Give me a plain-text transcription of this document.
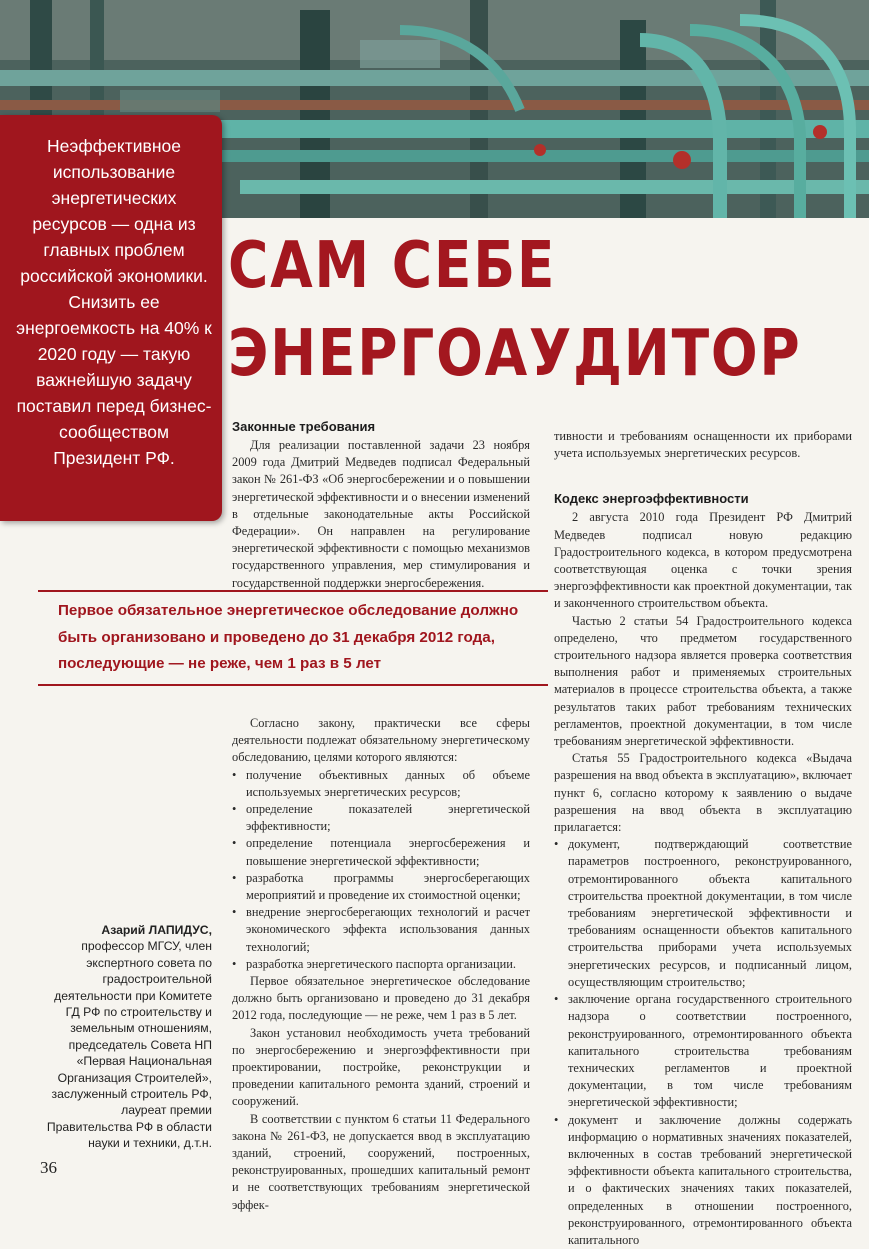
Неэффективное использование энергетических ресурсов — одна из главных проблем российской экономики. Снизить ее энергоемкость на 40% к 2020 году — такую важнейшую задачу поставил перед бизнес-сообществом Президент РФ.

САМ СЕБЕ
ЭНЕРГОАУДИТОР
Законные требования

Для реализации поставленной задачи 23 ноября 2009 года Дмитрий Медведев подписал Федеральный закон № 261-ФЗ «Об энергосбережении и о повышении энергетической эффективности и о внесении изменений в отдельные законодательные акты Российской Федерации». Он направлен на регулирование энергетической эффективности с помощью механизмов государственного управления, мер стимулирования и государственной поддержки энергосбережения.

Первое обязательное энергетическое обследование должно быть организовано и проведено до 31 декабря 2012 года, последующие — не реже, чем 1 раз в 5 лет

Согласно закону, практически все сферы деятельности подлежат обязательному энергетическому обследованию, целями которого являются:

• получение объективных данных об объеме используемых энергетических ресурсов;
• определение показателей энергетической эффективности;
• определение потенциала энергосбережения и повышение энергетической эффективности;
• разработка программы энергосберегающих мероприятий и проведение их стоимостной оценки;
• внедрение энергосберегающих технологий и расчет экономического эффекта использования данных технологий;
• разработка энергетического паспорта организации.

Первое обязательное энергетическое обследование должно быть организовано и проведено до 31 декабря 2012 года, последующие — не реже, чем 1 раз в 5 лет.

Закон установил необходимость учета требований по энергосбережению и энергоэффективности при проектировании, постройке, реконструкции и проведении капитального ремонта зданий, строений и сооружений.

В соответствии с пунктом 6 статьи 11 Федерального закона № 261-ФЗ, не допускается ввод в эксплуатацию зданий, строений, сооружений, построенных, реконструированных, прошедших капитальный ремонт и не соответствующих требованиям энергетической эффек-

тивности и требованиям оснащенности их приборами учета используемых энергетических ресурсов.

Кодекс энергоэффективности

2 августа 2010 года Президент РФ Дмитрий Медведев подписал новую редакцию Градостроительного кодекса, в котором предусмотрена соответствующая оценка с точки зрения энергоэффективности как проектной документации, так и законченного строительством объекта.

Частью 2 статьи 54 Градостроительного кодекса определено, что предметом государственного строительного надзора является проверка соответствия выполнения работ и применяемых строительных материалов в процессе строительства объекта, а также результатов таких работ требованиям технических регламентов, проектной документации, в том числе требованиям энергетической эффективности.

Статья 55 Градостроительного кодекса «Выдача разрешения на ввод объекта в эксплуатацию», включает пункт 6, согласно которому к заявлению о выдаче разрешения на ввод объекта в эксплуатацию прилагается:

• документ, подтверждающий соответствие параметров построенного, реконструированного, отремонтированного объекта капитального строительства проектной документации, в том числе требованиям энергетической эффективности и требованиям оснащенности объектов капитального строительства приборами учета используемых энергетических ресурсов, и подписанный лицом, осуществляющим строительство;
• заключение органа государственного строительного надзора о соответствии построенного, реконструированного, отремонтированного объекта капитального строительства требованиям технических регламентов и проектной документации, в том числе требованиям энергетической эффективности;
• документ и заключение должны содержать информацию о нормативных значениях показателей, включенных в состав требований энергетической эффективности объекта капитального строительства, и о фактических значениях таких показателей, определенных в отношении построенного, реконструированного, отремонтированного объекта капитального
Азарий ЛАПИДУС,
профессор МГСУ, член экспертного совета по градостроительной деятельности при Комитете ГД РФ по строительству и земельным отношениям, председатель Совета НП «Первая Национальная Организация Строителей», заслуженный строитель РФ, лауреат премии Правительства РФ в области науки и техники, д.т.н.
36
